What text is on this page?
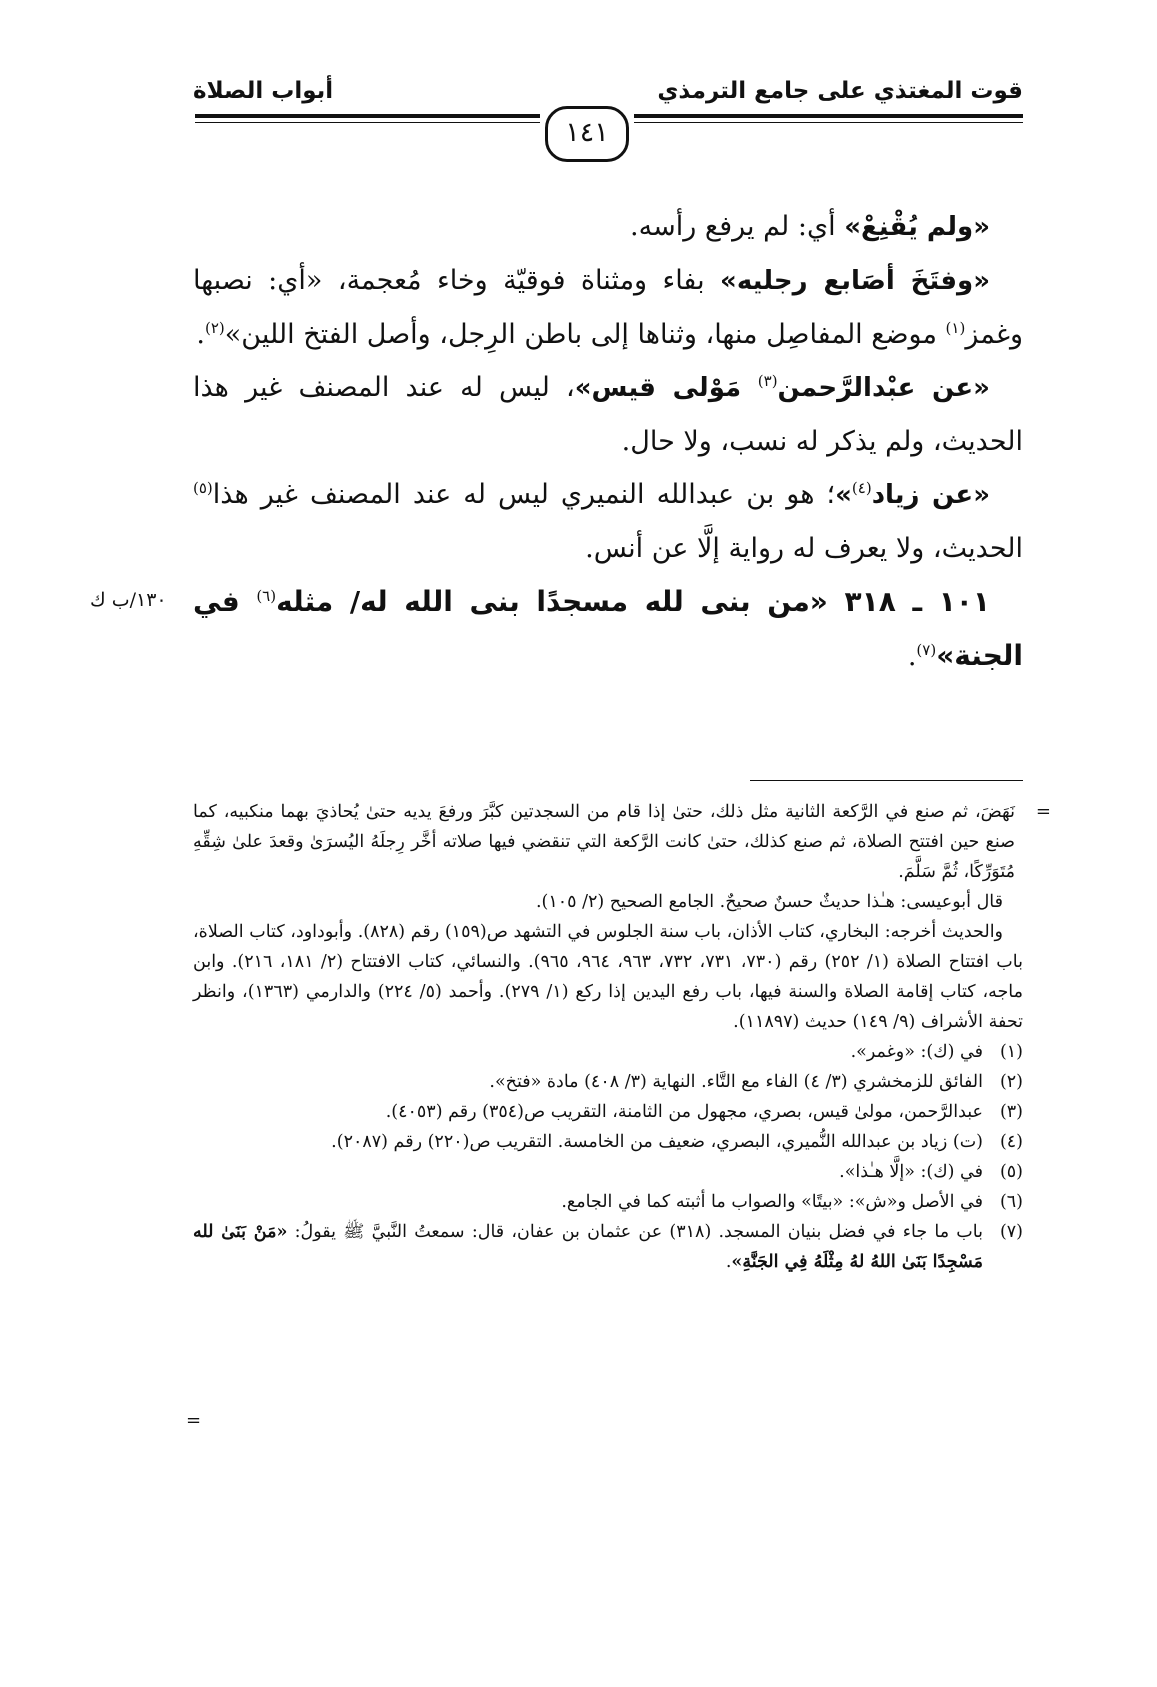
قوت المغتذي على جامع الترمذي
أبواب الصلاة
١٤١

«ولم يُقْنِعْ» أي: لم يرفع رأسه.

«وفتَخَ أصَابع رجليه» بفاء ومثناة فوقيّة وخاء مُعجمة، «أي: نصبها وغمز$^{(١)}$ موضع المفاصِل منها، وثناها إلى باطن الرِجل، وأصل الفتخ اللين»$^{(٢)}$.

«عن عبْدالرَّحمن$^{(٣)}$ مَوْلى قيس»، ليس له عند المصنف غير هذا الحديث، ولم يذكر له نسب، ولا حال.

«عن زياد$^{(٤)}$»؛ هو بن عبدالله النميري ليس له عند المصنف غير هذا$^{(٥)}$ الحديث، ولا يعرف له رواية إلَّا عن أنس.

١٠١ ـ ٣١٨ «من بنى لله مسجدًا بنى الله له/ مثله$^{(٦)}$ في الجنة»$^{(٧)}$.

١٣٠/ب ك

=
نَهَضَ، ثم صنع في الرَّكعة الثانية مثل ذلك، حتىٰ إذا قام من السجدتين كبَّرَ ورفعَ يديه حتىٰ يُحاذيَ بهما منكبيه، كما صنع حين افتتح الصلاة، ثم صنع كذلك، حتىٰ كانت الرَّكعة التي تنقضي فيها صلاته أخَّر رِجلَهُ اليُسرَىٰ وقعدَ علىٰ شِقِّهِ مُتَوَرِّكًا، ثُمَّ سَلَّمَ.

قال أبوعيسى: هـٰذا حديثٌ حسنٌ صحيحٌ. الجامع الصحيح (٢/ ١٠٥).

والحديث أخرجه: البخاري، كتاب الأذان، باب سنة الجلوس في التشهد ص(١٥٩) رقم (٨٢٨). وأبوداود، كتاب الصلاة، باب افتتاح الصلاة (١/ ٢٥٢) رقم (٧٣٠، ٧٣١، ٧٣٢، ٩٦٣، ٩٦٤، ٩٦٥). والنسائي، كتاب الافتتاح (٢/ ١٨١، ٢١٦). وابن ماجه، كتاب إقامة الصلاة والسنة فيها، باب رفع اليدين إذا ركع (١/ ٢٧٩). وأحمد (٥/ ٢٢٤) والدارمي (١٣٦٣)، وانظر تحفة الأشراف (٩/ ١٤٩) حديث (١١٨٩٧).

(١)
في (ك): «وغمر».
(٢)
الفائق للزمخشري (٣/ ٤) الفاء مع التَّاء. النهاية (٣/ ٤٠٨) مادة «فتخ».
(٣)
عبدالرَّحمن، مولىٰ قيس، بصري، مجهول من الثامنة، التقريب ص(٣٥٤) رقم (٤٠٥٣).
(٤)
(ت) زياد بن عبدالله النُّميري، البصري، ضعيف من الخامسة. التقريب ص(٢٢٠) رقم (٢٠٨٧).
(٥)
في (ك): «إلَّا هـٰذا».
(٦)
في الأصل و«ش»: «بيتًا» والصواب ما أثبته كما في الجامع.
(٧)
باب ما جاء في فضل بنيان المسجد. (٣١٨) عن عثمان بن عفان، قال: سمعتُ النَّبيَّ ﷺ يقولُ: «مَنْ بَنَىٰ لله مَسْجِدًا بَنَىٰ اللهُ لهُ مِثْلَهُ فِي الجَنَّةِ».
=
